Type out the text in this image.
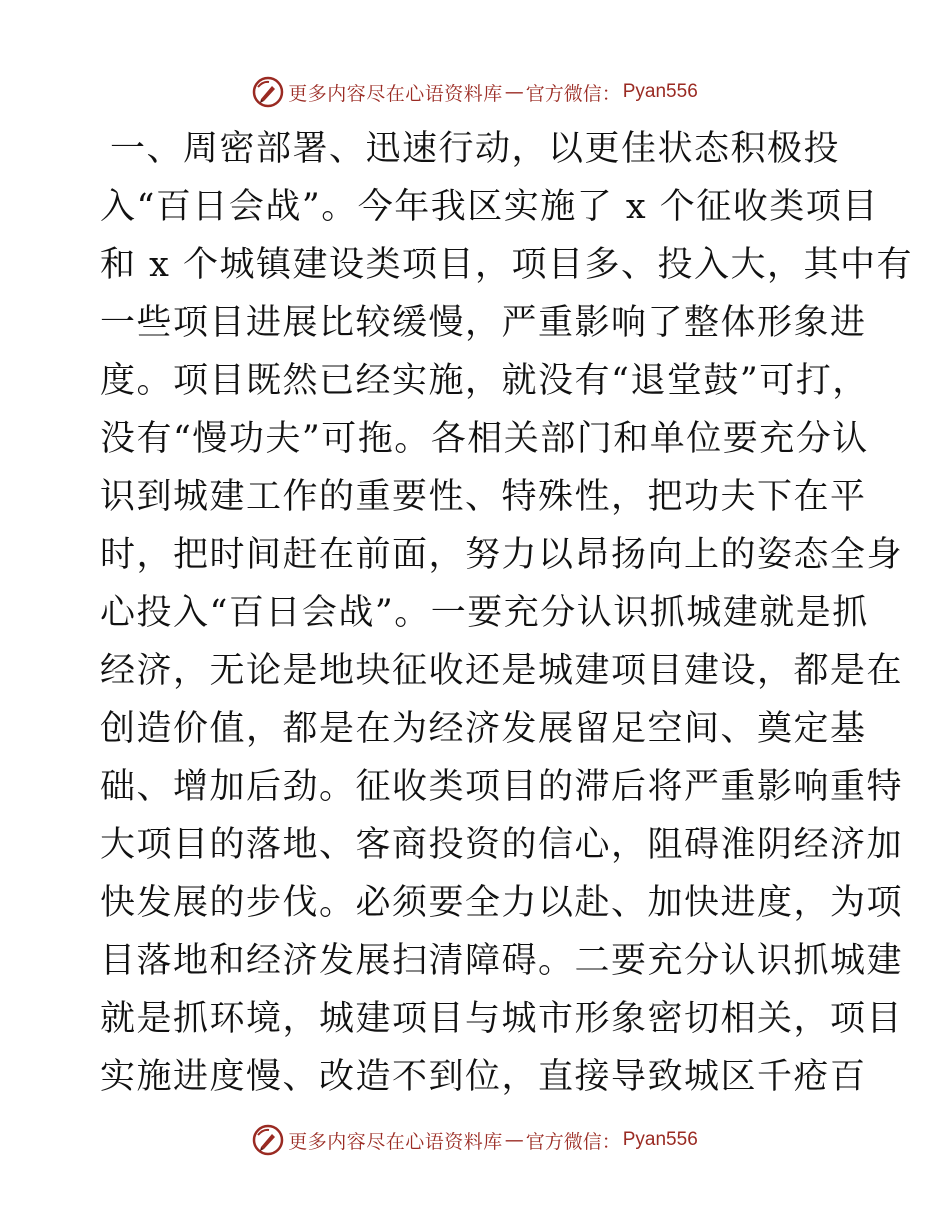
更多内容尽在心语资料库 — 官方微信： Pyan556
一、周密部署、迅速行动，以更佳状态积极投
入“百日会战”。今年我区实施了 x 个征收类项目
和 x 个城镇建设类项目，项目多、投入大，其中有
一些项目进展比较缓慢，严重影响了整体形象进
度。项目既然已经实施，就没有“退堂鼓”可打，
没有“慢功夫”可拖。各相关部门和单位要充分认
识到城建工作的重要性、特殊性，把功夫下在平
时，把时间赶在前面，努力以昂扬向上的姿态全身
心投入“百日会战”。一要充分认识抓城建就是抓
经济，无论是地块征收还是城建项目建设，都是在
创造价值，都是在为经济发展留足空间、奠定基
础、增加后劲。征收类项目的滞后将严重影响重特
大项目的落地、客商投资的信心，阻碍淮阴经济加
快发展的步伐。必须要全力以赴、加快进度，为项
目落地和经济发展扫清障碍。二要充分认识抓城建
就是抓环境，城建项目与城市形象密切相关，项目
实施进度慢、改造不到位，直接导致城区千疮百
更多内容尽在心语资料库 — 官方微信： Pyan556
